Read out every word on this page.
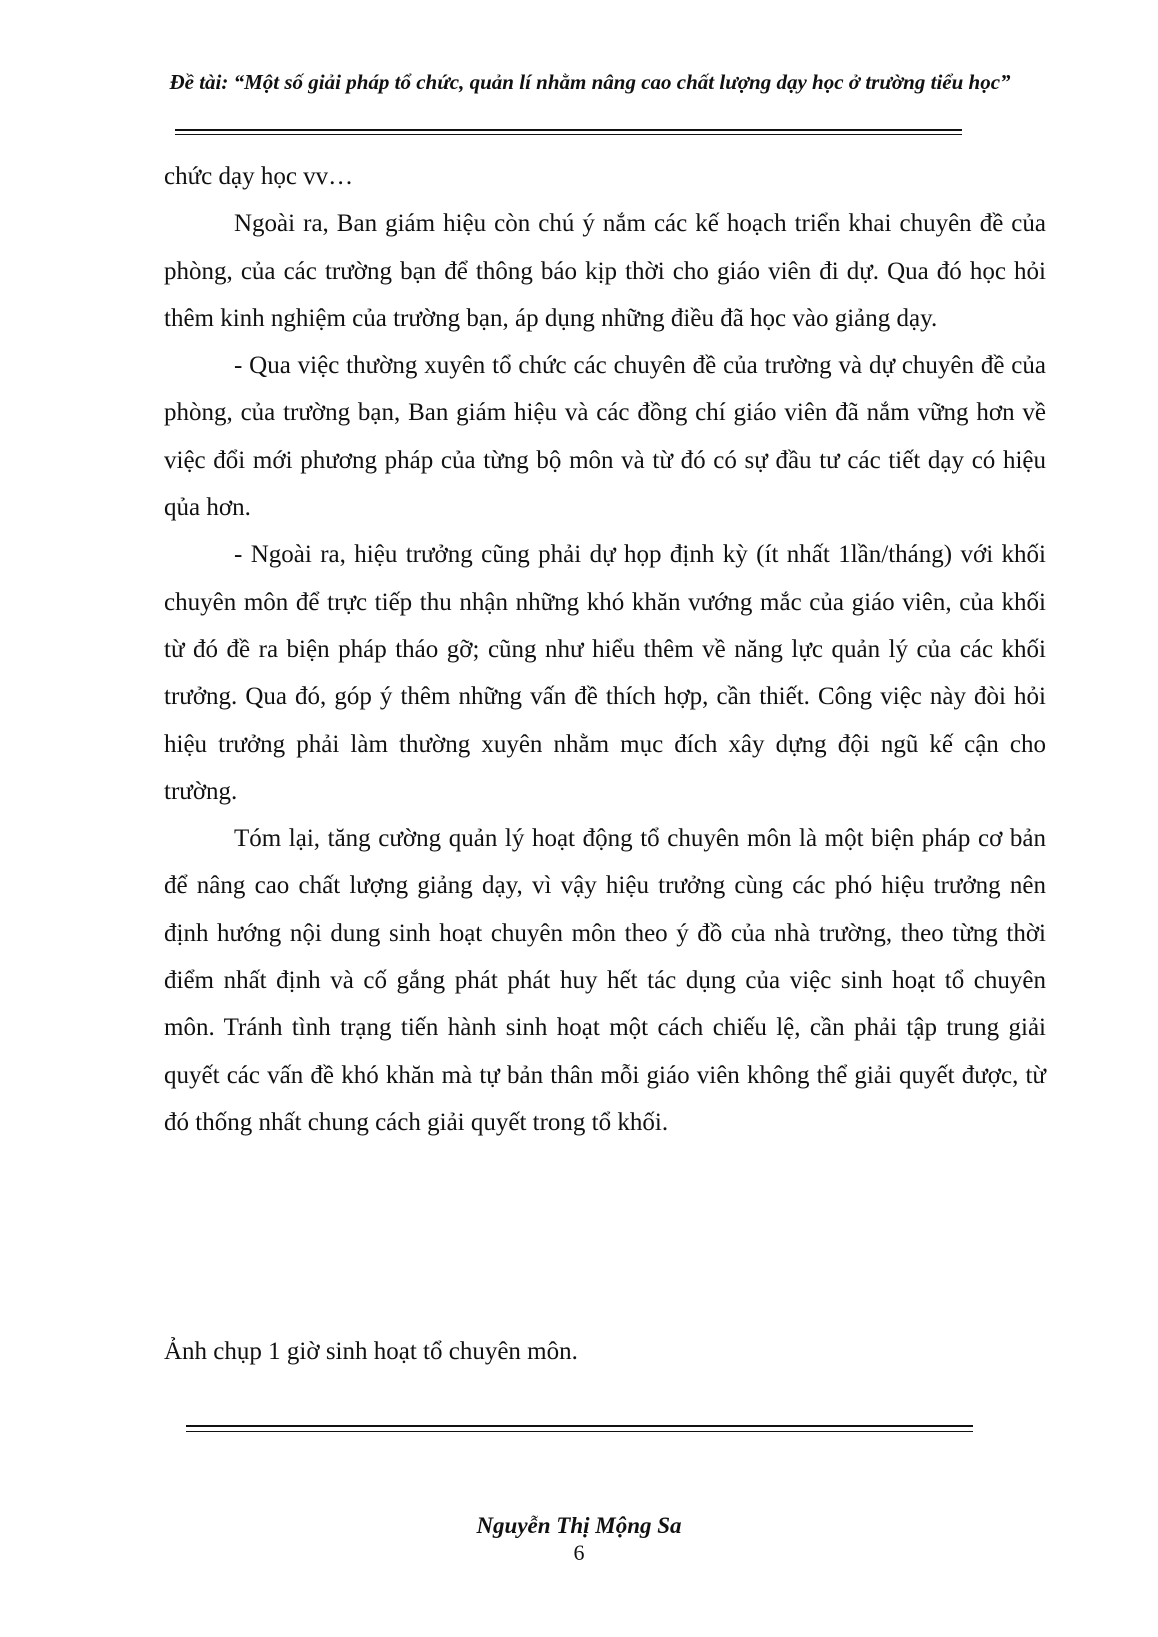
Đề tài: “Một số giải pháp tổ chức, quản lí nhằm nâng cao chất lượng dạy học ở trường tiểu học”

chức dạy học vv…

Ngoài ra, Ban giám hiệu còn chú ý nắm các kế hoạch triển khai chuyên đề của phòng, của các trường bạn để thông báo kịp thời cho giáo viên đi dự. Qua đó học hỏi thêm kinh nghiệm của trường bạn, áp dụng những điều đã học vào giảng dạy.

- Qua việc thường xuyên tổ chức các chuyên đề của trường và dự chuyên đề của phòng, của trường bạn, Ban giám hiệu và các đồng chí giáo viên đã nắm vững hơn về việc đổi mới phương pháp của từng bộ môn và từ đó có sự đầu tư các tiết dạy có hiệu qủa hơn.

- Ngoài ra, hiệu trưởng cũng phải dự họp định kỳ (ít nhất 1lần/tháng) với khối chuyên môn để trực tiếp thu nhận những khó khăn vướng mắc của giáo viên, của khối từ đó đề ra biện pháp tháo gỡ; cũng như hiểu thêm về năng lực quản lý của các khối trưởng. Qua đó, góp ý thêm những vấn đề thích hợp, cần thiết. Công việc này đòi hỏi hiệu trưởng phải làm thường xuyên nhằm mục đích xây dựng đội ngũ kế cận cho trường.

Tóm lại, tăng cường quản lý hoạt động tổ chuyên môn là một biện pháp cơ bản để nâng cao chất lượng giảng dạy, vì vậy hiệu trưởng cùng các phó hiệu trưởng nên định hướng nội dung sinh hoạt chuyên môn theo ý đồ của nhà trường, theo từng thời điểm nhất định và cố gắng phát phát huy hết tác dụng của việc sinh hoạt tổ chuyên môn. Tránh tình trạng tiến hành sinh hoạt một cách chiếu lệ, cần phải tập trung giải quyết các vấn đề khó khăn mà tự bản thân mỗi giáo viên không thể giải quyết được, từ đó thống nhất chung cách giải quyết trong tổ khối.

Ảnh chụp 1 giờ sinh hoạt tổ chuyên môn.
Nguyễn Thị Mộng Sa
6
